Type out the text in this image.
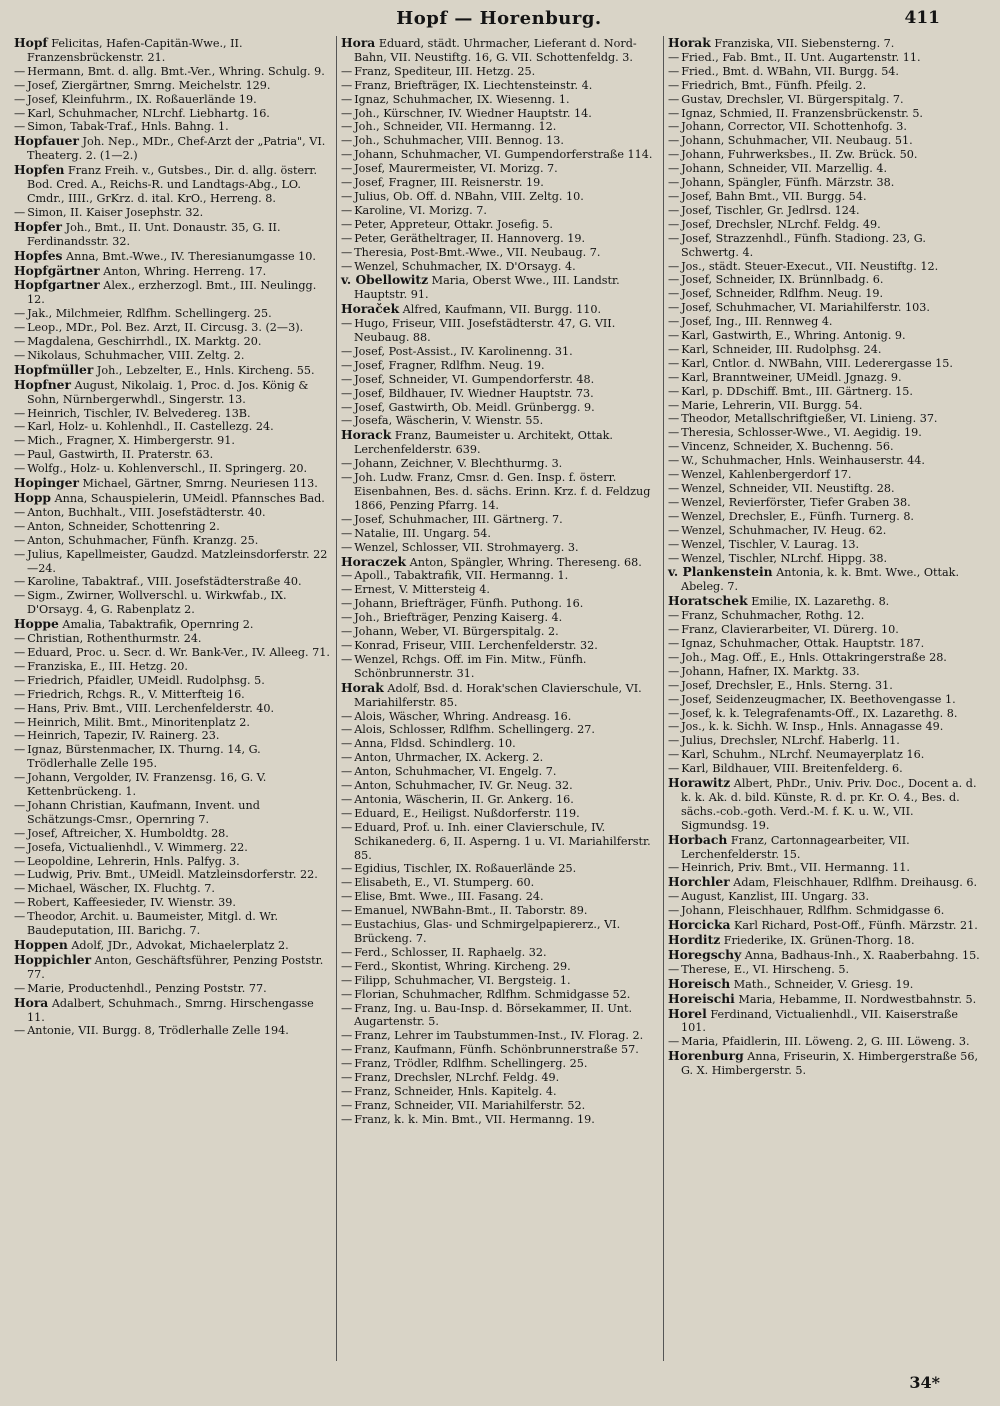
Hopf — Horenburg.	411

Hopf Felicitas, Hafen-Capitän-Wwe., II. Franzensbrückenstr. 21.

— Hermann, Bmt. d. allg. Bmt.-Ver., Whring. Schulg. 9.

— Josef, Ziergärtner, Smrng. Meichelstr. 129.

— Josef, Kleinfuhrm., IX. Roßauerlände 19.

— Karl, Schuhmacher, NLrchf. Liebhartg. 16.

— Simon, Tabak-Traf., Hnls. Bahng. 1.

Hopfauer Joh. Nep., MDr., Chef-Arzt der „Patria", VI. Theaterg. 2. (1—2.)

Hopfen Franz Freih. v., Gutsbes., Dir. d. allg. österr. Bod. Cred. A., Reichs-R. und Landtags-Abg., LO. Cmdr., IIII., GrKrz. d. ital. KrO., Herreng. 8.

— Simon, II. Kaiser Josephstr. 32.

Hopfer Joh., Bmt., II. Unt. Donaustr. 35, G. II. Ferdinandsstr. 32.

Hopfes Anna, Bmt.-Wwe., IV. Theresianumgasse 10.

Hopfgärtner Anton, Whring. Herreng. 17.

Hopfgartner Alex., erzherzogl. Bmt., III. Neulingg. 12.

— Jak., Milchmeier, Rdlfhm. Schellingerg. 25.

— Leop., MDr., Pol. Bez. Arzt, II. Circusg. 3. (2—3).

— Magdalena, Geschirrhdl., IX. Marktg. 20.

— Nikolaus, Schuhmacher, VIII. Zeltg. 2.

Hopfmüller Joh., Lebzelter, E., Hnls. Kircheng. 55.

Hopfner August, Nikolaig. 1, Proc. d. Jos. König & Sohn, Nürnbergerwhdl., Singerstr. 13.

— Heinrich, Tischler, IV. Belvedereg. 13B.

— Karl, Holz- u. Kohlenhdl., II. Castellezg. 24.

— Mich., Fragner, X. Himbergerstr. 91.

— Paul, Gastwirth, II. Praterstr. 63.

— Wolfg., Holz- u. Kohlenverschl., II. Springerg. 20.

Hopinger Michael, Gärtner, Smrng. Neuriesen 113.

Hopp Anna, Schauspielerin, UMeidl. Pfannsches Bad.

— Anton, Buchhalt., VIII. Josefstädterstr. 40.

— Anton, Schneider, Schottenring 2.

— Anton, Schuhmacher, Fünfh. Kranzg. 25.

— Julius, Kapellmeister, Gaudzd. Matzleinsdorferstr. 22—24.

— Karoline, Tabaktraf., VIII. Josefstädterstraße 40.

— Sigm., Zwirner, Wollverschl. u. Wirkwfab., IX. D'Orsayg. 4, G. Rabenplatz 2.

Hoppe Amalia, Tabaktrafik, Opernring 2.

— Christian, Rothenthurmstr. 24.

— Eduard, Proc. u. Secr. d. Wr. Bank-Ver., IV. Alleeg. 71.

— Franziska, E., III. Hetzg. 20.

— Friedrich, Pfaidler, UMeidl. Rudolphsg. 5.

— Friedrich, Rchgs. R., V. Mitterfteig 16.

— Hans, Priv. Bmt., VIII. Lerchenfelderstr. 40.

— Heinrich, Milit. Bmt., Minoritenplatz 2.

— Heinrich, Tapezir, IV. Rainerg. 23.

— Ignaz, Bürstenmacher, IX. Thurng. 14, G. Trödlerhalle Zelle 195.

— Johann, Vergolder, IV. Franzensg. 16, G. V. Kettenbrückeng. 1.

— Johann Christian, Kaufmann, Invent. und Schätzungs-Cmsr., Opernring 7.

— Josef, Aftreicher, X. Humboldtg. 28.

— Josefa, Victualienhdl., V. Wimmerg. 22.

— Leopoldine, Lehrerin, Hnls. Palfyg. 3.

— Ludwig, Priv. Bmt., UMeidl. Matzleinsdorferstr. 22.

— Michael, Wäscher, IX. Fluchtg. 7.

— Robert, Kaffeesieder, IV. Wienstr. 39.

— Theodor, Archit. u. Baumeister, Mitgl. d. Wr. Baudeputation, III. Barichg. 7.

Hoppen Adolf, JDr., Advokat, Michaelerplatz 2.

Hoppichler Anton, Geschäftsführer, Penzing Poststr. 77.

— Marie, Productenhdl., Penzing Poststr. 77.

Hora Adalbert, Schuhmach., Smrng. Hirschengasse 11.

— Antonie, VII. Burgg. 8, Trödlerhalle Zelle 194.

Hora Eduard, städt. Uhrmacher, Lieferant d. Nord-Bahn, VII. Neustiftg. 16, G. VII. Schottenfeldg. 3.

— Franz, Spediteur, III. Hetzg. 25.

— Franz, Briefträger, IX. Liechtensteinstr. 4.

— Ignaz, Schuhmacher, IX. Wiesenng. 1.

— Joh., Kürschner, IV. Wiedner Hauptstr. 14.

— Joh., Schneider, VII. Hermanng. 12.

— Joh., Schuhmacher, VIII. Bennog. 13.

— Johann, Schuhmacher, VI. Gumpendorferstraße 114.

— Josef, Maurermeister, VI. Morizg. 7.

— Josef, Fragner, III. Reisnerstr. 19.

— Julius, Ob. Off. d. NBahn, VIII. Zeltg. 10.

— Karoline, VI. Morizg. 7.

— Peter, Appreteur, Ottakr. Josefig. 5.

— Peter, Gerätheltrager, II. Hannoverg. 19.

— Theresia, Post-Bmt.-Wwe., VII. Neubaug. 7.

— Wenzel, Schuhmacher, IX. D'Orsayg. 4.

v. Obellowitz Maria, Oberst Wwe., III. Landstr. Hauptstr. 91.

Horaček Alfred, Kaufmann, VII. Burgg. 110.

— Hugo, Friseur, VIII. Josefstädterstr. 47, G. VII. Neubaug. 88.

— Josef, Post-Assist., IV. Karolinenng. 31.

— Josef, Fragner, Rdlfhm. Neug. 19.

— Josef, Schneider, VI. Gumpendorferstr. 48.

— Josef, Bildhauer, IV. Wiedner Hauptstr. 73.

— Josef, Gastwirth, Ob. Meidl. Grünbergg. 9.

— Josefa, Wäscherin, V. Wienstr. 55.

Horack Franz, Baumeister u. Architekt, Ottak. Lerchenfelderstr. 639.

— Johann, Zeichner, V. Blechthurmg. 3.

— Joh. Ludw. Franz, Cmsr. d. Gen. Insp. f. österr. Eisenbahnen, Bes. d. sächs. Erinn. Krz. f. d. Feldzug 1866, Penzing Pfarrg. 14.

— Josef, Schuhmacher, III. Gärtnerg. 7.

— Natalie, III. Ungarg. 54.

— Wenzel, Schlosser, VII. Strohmayerg. 3.

Horaczek Anton, Spängler, Whring. Thereseng. 68.

— Apoll., Tabaktrafik, VII. Hermanng. 1.

— Ernest, V. Mittersteig 4.

— Johann, Briefträger, Fünfh. Puthong. 16.

— Joh., Briefträger, Penzing Kaiserg. 4.

— Johann, Weber, VI. Bürgerspitalg. 2.

— Konrad, Friseur, VIII. Lerchenfelderstr. 32.

— Wenzel, Rchgs. Off. im Fin. Mitw., Fünfh. Schönbrunnerstr. 31.

Horak Adolf, Bsd. d. Horak'schen Clavierschule, VI. Mariahilferstr. 85.

— Alois, Wäscher, Whring. Andreasg. 16.

— Alois, Schlosser, Rdlfhm. Schellingerg. 27.

— Anna, Fldsd. Schindlerg. 10.

— Anton, Uhrmacher, IX. Ackerg. 2.

— Anton, Schuhmacher, VI. Engelg. 7.

— Anton, Schuhmacher, IV. Gr. Neug. 32.

— Antonia, Wäscherin, II. Gr. Ankerg. 16.

— Eduard, E., Heiligst. Nußdorferstr. 119.

— Eduard, Prof. u. Inh. einer Clavierschule, IV. Schikanederg. 6, II. Asperng. 1 u. VI. Mariahilferstr. 85.

— Egidius, Tischler, IX. Roßauerlände 25.

— Elisabeth, E., VI. Stumperg. 60.

— Elise, Bmt. Wwe., III. Fasang. 24.

— Emanuel, NWBahn-Bmt., II. Taborstr. 89.

— Eustachius, Glas- und Schmirgelpapiererz., VI. Brückeng. 7.

— Ferd., Schlosser, II. Raphaelg. 32.

— Ferd., Skontist, Whring. Kircheng. 29.

— Filipp, Schuhmacher, VI. Bergsteig. 1.

— Florian, Schuhmacher, Rdlfhm. Schmidgasse 52.

— Franz, Ing. u. Bau-Insp. d. Börsekammer, II. Unt. Augartenstr. 5.

— Franz, Lehrer im Taubstummen-Inst., IV. Florag. 2.

— Franz, Kaufmann, Fünfh. Schönbrunnerstraße 57.

— Franz, Trödler, Rdlfhm. Schellingerg. 25.

— Franz, Drechsler, NLrchf. Feldg. 49.

— Franz, Schneider, Hnls. Kapitelg. 4.

— Franz, Schneider, VII. Mariahilferstr. 52.

— Franz, k. k. Min. Bmt., VII. Hermanng. 19.

Horak Franziska, VII. Siebensterng. 7.

— Fried., Fab. Bmt., II. Unt. Augartenstr. 11.

— Fried., Bmt. d. WBahn, VII. Burgg. 54.

— Friedrich, Bmt., Fünfh. Pfeilg. 2.

— Gustav, Drechsler, VI. Bürgerspitalg. 7.

— Ignaz, Schmied, II. Franzensbrückenstr. 5.

— Johann, Corrector, VII. Schottenhofg. 3.

— Johann, Schuhmacher, VII. Neubaug. 51.

— Johann, Fuhrwerksbes., II. Zw. Brück. 50.

— Johann, Schneider, VII. Marzellig. 4.

— Johann, Spängler, Fünfh. Märzstr. 38.

— Josef, Bahn Bmt., VII. Burgg. 54.

— Josef, Tischler, Gr. Jedlrsd. 124.

— Josef, Drechsler, NLrchf. Feldg. 49.

— Josef, Strazzenhdl., Fünfh. Stadiong. 23, G. Schwertg. 4.

— Jos., städt. Steuer-Execut., VII. Neustiftg. 12.

— Josef, Schneider, IX. Brünnlbadg. 6.

— Josef, Schneider, Rdlfhm. Neug. 19.

— Josef, Schuhmacher, VI. Mariahilferstr. 103.

— Josef, Ing., III. Rennweg 4.

— Karl, Gastwirth, E., Whring. Antonig. 9.

— Karl, Schneider, III. Rudolphsg. 24.

— Karl, Cntlor. d. NWBahn, VIII. Lederergasse 15.

— Karl, Branntweiner, UMeidl. Jgnazg. 9.

— Karl, p. DDschiff. Bmt., III. Gärtnerg. 15.

— Marie, Lehrerin, VII. Burgg. 54.

— Theodor, Metallschriftgießer, VI. Linieng. 37.

— Theresia, Schlosser-Wwe., VI. Aegidig. 19.

— Vincenz, Schneider, X. Buchenng. 56.

— W., Schuhmacher, Hnls. Weinhauserstr. 44.

— Wenzel, Kahlenbergerdorf 17.

— Wenzel, Schneider, VII. Neustiftg. 28.

— Wenzel, Revierförster, Tiefer Graben 38.

— Wenzel, Drechsler, E., Fünfh. Turnerg. 8.

— Wenzel, Schuhmacher, IV. Heug. 62.

— Wenzel, Tischler, V. Laurag. 13.

— Wenzel, Tischler, NLrchf. Hippg. 38.

v. Plankenstein Antonia, k. k. Bmt. Wwe., Ottak. Abeleg. 7.

Horatschek Emilie, IX. Lazarethg. 8.

— Franz, Schuhmacher, Rothg. 12.

— Franz, Clavierarbeiter, VI. Dürerg. 10.

— Ignaz, Schuhmacher, Ottak. Hauptstr. 187.

— Joh., Mag. Off., E., Hnls. Ottakringerstraße 28.

— Johann, Hafner, IX. Marktg. 33.

— Josef, Drechsler, E., Hnls. Sterng. 31.

— Josef, Seidenzeugmacher, IX. Beethovengasse 1.

— Josef, k. k. Telegrafenamts-Off., IX. Lazarethg. 8.

— Jos., k. k. Sichh. W. Insp., Hnls. Annagasse 49.

— Julius, Drechsler, NLrchf. Haberlg. 11.

— Karl, Schuhm., NLrchf. Neumayerplatz 16.

— Karl, Bildhauer, VIII. Breitenfelderg. 6.

Horawitz Albert, PhDr., Univ. Priv. Doc., Docent a. d. k. k. Ak. d. bild. Künste, R. d. pr. Kr. O. 4., Bes. d. sächs.-cob.-goth. Verd.-M. f. K. u. W., VII. Sigmundsg. 19.

Horbach Franz, Cartonnagearbeiter, VII. Lerchenfelderstr. 15.

— Heinrich, Priv. Bmt., VII. Hermanng. 11.

Horchler Adam, Fleischhauer, Rdlfhm. Dreihausg. 6.

— August, Kanzlist, III. Ungarg. 33.

— Johann, Fleischhauer, Rdlfhm. Schmidgasse 6.

Horcicka Karl Richard, Post-Off., Fünfh. Märzstr. 21.

Horditz Friederike, IX. Grünen-Thorg. 18.

Horegschy Anna, Badhaus-Inh., X. Raaberbahng. 15.

— Therese, E., VI. Hirscheng. 5.

Horeisch Math., Schneider, V. Griesg. 19.

Horeischi Maria, Hebamme, II. Nordwestbahnstr. 5.

Horel Ferdinand, Victualienhdl., VII. Kaiserstraße 101.

— Maria, Pfaidlerin, III. Löweng. 2, G. III. Löweng. 3.

Horenburg Anna, Friseurin, X. Himbergerstraße 56, G. X. Himbergerstr. 5.

34*
